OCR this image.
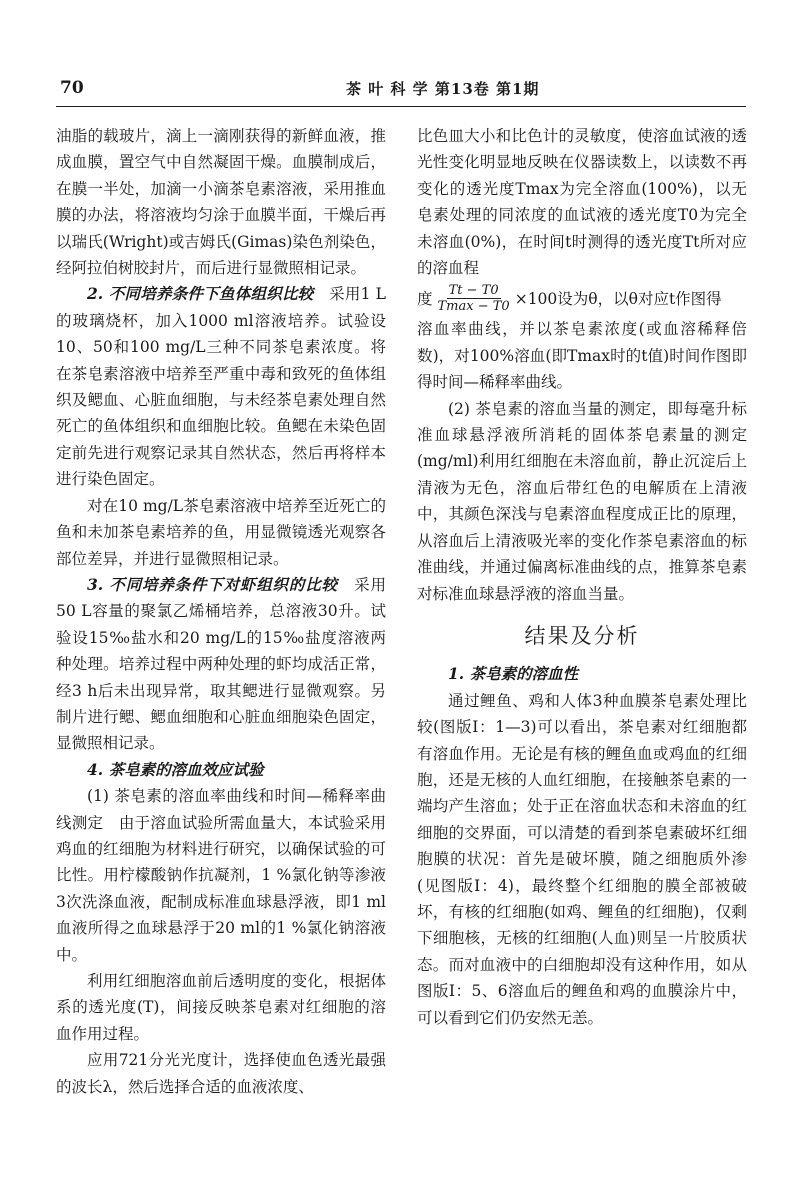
70	茶 叶 科 学 第13卷 第1期

油脂的载玻片，滴上一滴刚获得的新鲜血液，推成血膜，置空气中自然凝固干燥。血膜制成后，在膜一半处，加滴一小滴茶皂素溶液，采用推血膜的办法，将溶液均匀涂于血膜半面，干燥后再以瑞氏(Wright)或吉姆氏(Gimas)染色剂染色，经阿拉伯树胶封片，而后进行显微照相记录。

2. 不同培养条件下鱼体组织比较　 采用1 L的玻璃烧杯，加入1000 ml溶液培养。试验设10、50和100 mg/L三种不同茶皂素浓度。将在茶皂素溶液中培养至严重中毒和致死的鱼体组织及鳃血、心脏血细胞，与未经茶皂素处理自然死亡的鱼体组织和血细胞比较。鱼鳃在未染色固定前先进行观察记录其自然状态，然后再将样本进行染色固定。

对在10 mg/L茶皂素溶液中培养至近死亡的鱼和未加茶皂素培养的鱼，用显微镜透光观察各部位差异，并进行显微照相记录。

3. 不同培养条件下对虾组织的比较　 采用50 L容量的聚氯乙烯桶培养，总溶液30升。试验设15‰盐水和20 mg/L的15‰盐度溶液两种处理。培养过程中两种处理的虾均成活正常，经3 h后未出现异常，取其鳃进行显微观察。另制片进行鳃、鳃血细胞和心脏血细胞染色固定，显微照相记录。

4. 茶皂素的溶血效应试验

(1) 茶皂素的溶血率曲线和时间—稀释率曲线测定　 由于溶血试验所需血量大，本试验采用鸡血的红细胞为材料进行研究，以确保试验的可比性。用柠檬酸钠作抗凝剂，1 %氯化钠等渗液3次洗涤血液，配制成标准血球悬浮液，即1 ml血液所得之血球悬浮于20 ml的1 %氯化钠溶液中。

利用红细胞溶血前后透明度的变化，根据体系的透光度(T)，间接反映茶皂素对红细胞的溶血作用过程。

应用721分光光度计，选择使血色透光最强的波长λ，然后选择合适的血液浓度、

比色皿大小和比色计的灵敏度，使溶血试液的透光性变化明显地反映在仪器读数上，以读数不再变化的透光度Tmax为完全溶血(100%)，以无皂素处理的同浓度的血试液的透光度T0为完全未溶血(0%)，在时间t时测得的透光度Tt所对应的溶血程

度 $\frac{Tt - T0}{Tmax - T0} \times 100$设为θ，以θ对应t作图得

溶血率曲线，并以茶皂素浓度(或血溶稀释倍数)，对100%溶血(即Tmax时的t值)时间作图即得时间—稀释率曲线。

(2) 茶皂素的溶血当量的测定，即每毫升标准血球悬浮液所消耗的固体茶皂素量的测定(mg/ml)利用红细胞在未溶血前，静止沉淀后上清液为无色，溶血后带红色的电解质在上清液中，其颜色深浅与皂素溶血程度成正比的原理，从溶血后上清液吸光率的变化作茶皂素溶血的标准曲线，并通过偏离标准曲线的点，推算茶皂素对标准血球悬浮液的溶血当量。

结果及分析

1. 茶皂素的溶血性

通过鲤鱼、鸡和人体3种血膜茶皂素处理比较(图版Ⅰ：1—3)可以看出，茶皂素对红细胞都有溶血作用。无论是有核的鲤鱼血或鸡血的红细胞，还是无核的人血红细胞，在接触茶皂素的一端均产生溶血；处于正在溶血状态和未溶血的红细胞的交界面，可以清楚的看到茶皂素破坏红细胞膜的状况：首先是破坏膜，随之细胞质外渗(见图版Ⅰ：4)，最终整个红细胞的膜全部被破坏，有核的红细胞(如鸡、鲤鱼的红细胞)，仅剩下细胞核，无核的红细胞(人血)则呈一片胶质状态。而对血液中的白细胞却没有这种作用，如从图版Ⅰ：5、6溶血后的鲤鱼和鸡的血膜涂片中，可以看到它们仍安然无恙。
